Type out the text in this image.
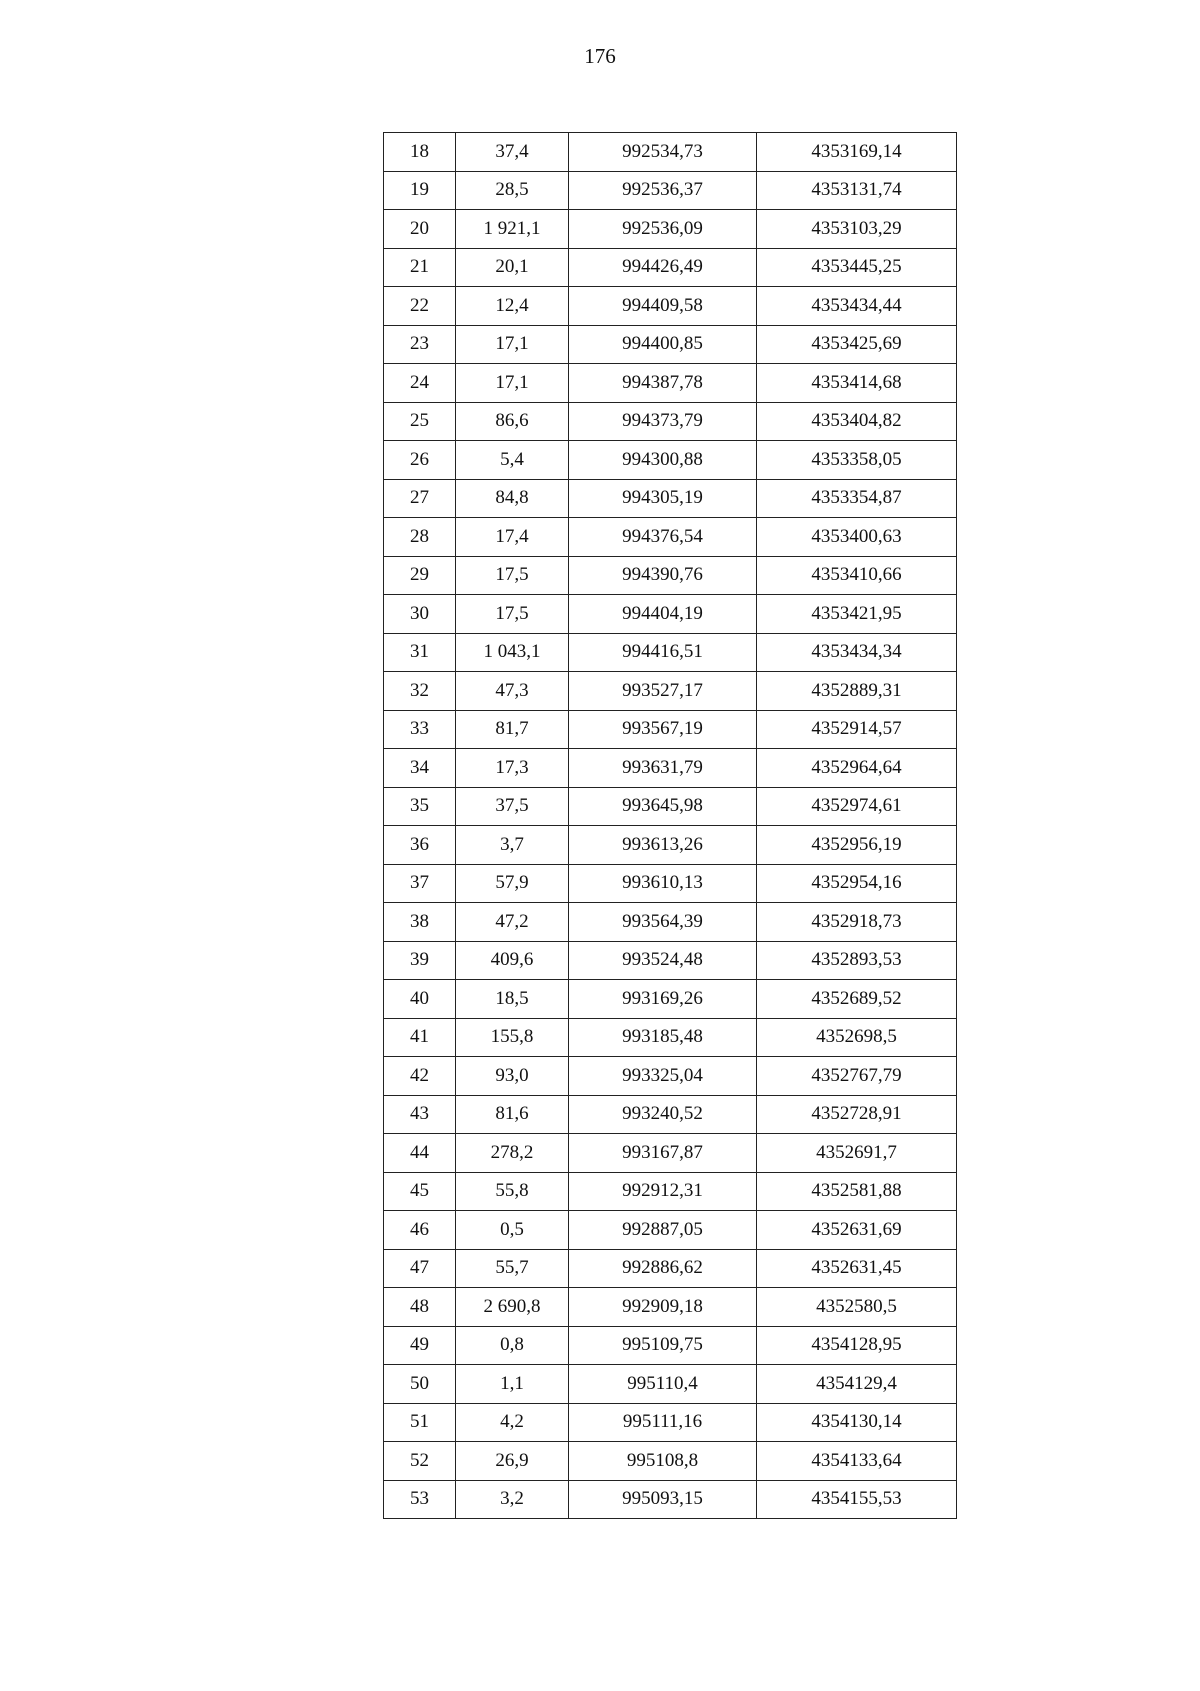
176
18	37,4	992534,73	4353169,14
19	28,5	992536,37	4353131,74
20	1 921,1	992536,09	4353103,29
21	20,1	994426,49	4353445,25
22	12,4	994409,58	4353434,44
23	17,1	994400,85	4353425,69
24	17,1	994387,78	4353414,68
25	86,6	994373,79	4353404,82
26	5,4	994300,88	4353358,05
27	84,8	994305,19	4353354,87
28	17,4	994376,54	4353400,63
29	17,5	994390,76	4353410,66
30	17,5	994404,19	4353421,95
31	1 043,1	994416,51	4353434,34
32	47,3	993527,17	4352889,31
33	81,7	993567,19	4352914,57
34	17,3	993631,79	4352964,64
35	37,5	993645,98	4352974,61
36	3,7	993613,26	4352956,19
37	57,9	993610,13	4352954,16
38	47,2	993564,39	4352918,73
39	409,6	993524,48	4352893,53
40	18,5	993169,26	4352689,52
41	155,8	993185,48	4352698,5
42	93,0	993325,04	4352767,79
43	81,6	993240,52	4352728,91
44	278,2	993167,87	4352691,7
45	55,8	992912,31	4352581,88
46	0,5	992887,05	4352631,69
47	55,7	992886,62	4352631,45
48	2 690,8	992909,18	4352580,5
49	0,8	995109,75	4354128,95
50	1,1	995110,4	4354129,4
51	4,2	995111,16	4354130,14
52	26,9	995108,8	4354133,64
53	3,2	995093,15	4354155,53
